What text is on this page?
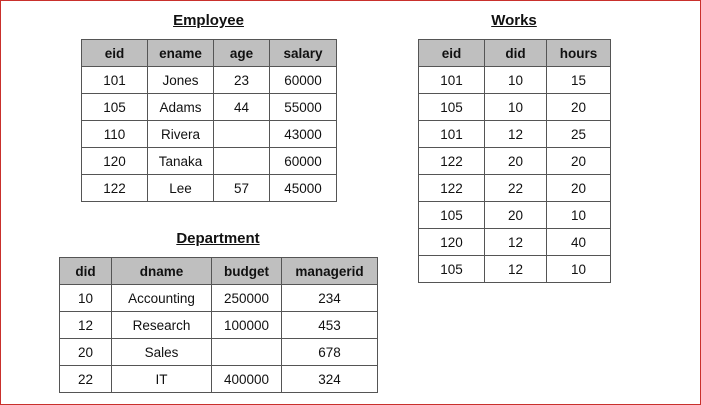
Employee
eid	ename	age	salary
101	Jones	23	60000
105	Adams	44	55000
110	Rivera		43000
120	Tanaka		60000
122	Lee	57	45000
Works
eid	did	hours
101	10	15
105	10	20
101	12	25
122	20	20
122	22	20
105	20	10
120	12	40
105	12	10
Department
did	dname	budget	managerid
10	Accounting	250000	234
12	Research	100000	453
20	Sales		678
22	IT	400000	324
